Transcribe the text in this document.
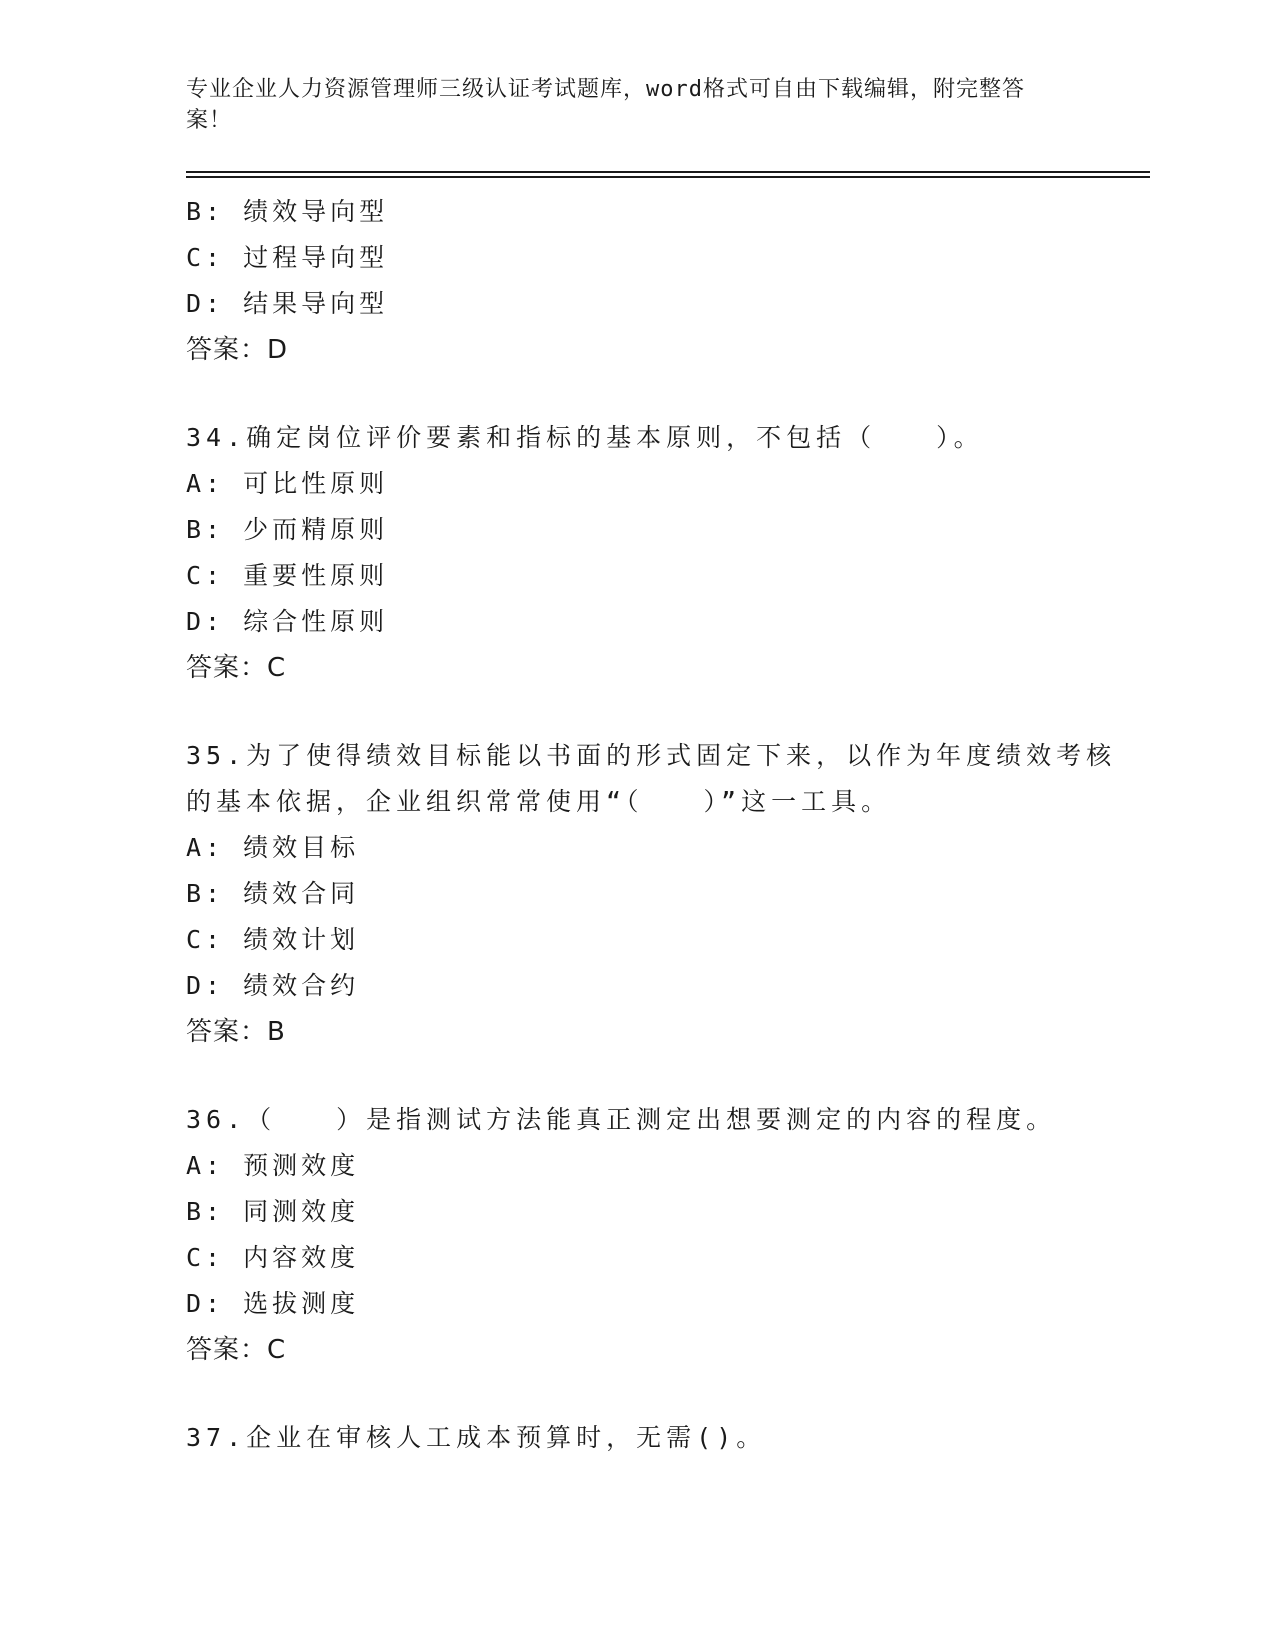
专业企业人力资源管理师三级认证考试题库，word格式可自由下载编辑，附完整答案！
B: 绩效导向型
C: 过程导向型
D: 结果导向型
答案：D
34.确定岗位评价要素和指标的基本原则，不包括（　　）。
A: 可比性原则
B: 少而精原则
C: 重要性原则
D: 综合性原则
答案：C
35.为了使得绩效目标能以书面的形式固定下来，以作为年度绩效考核
的基本依据，企业组织常常使用“（　　）”这一工具。
A: 绩效目标
B: 绩效合同
C: 绩效计划
D: 绩效合约
答案：B
36.（　　）是指测试方法能真正测定出想要测定的内容的程度。
A: 预测效度
B: 同测效度
C: 内容效度
D: 选拔测度
答案：C
37.企业在审核人工成本预算时，无需()。
